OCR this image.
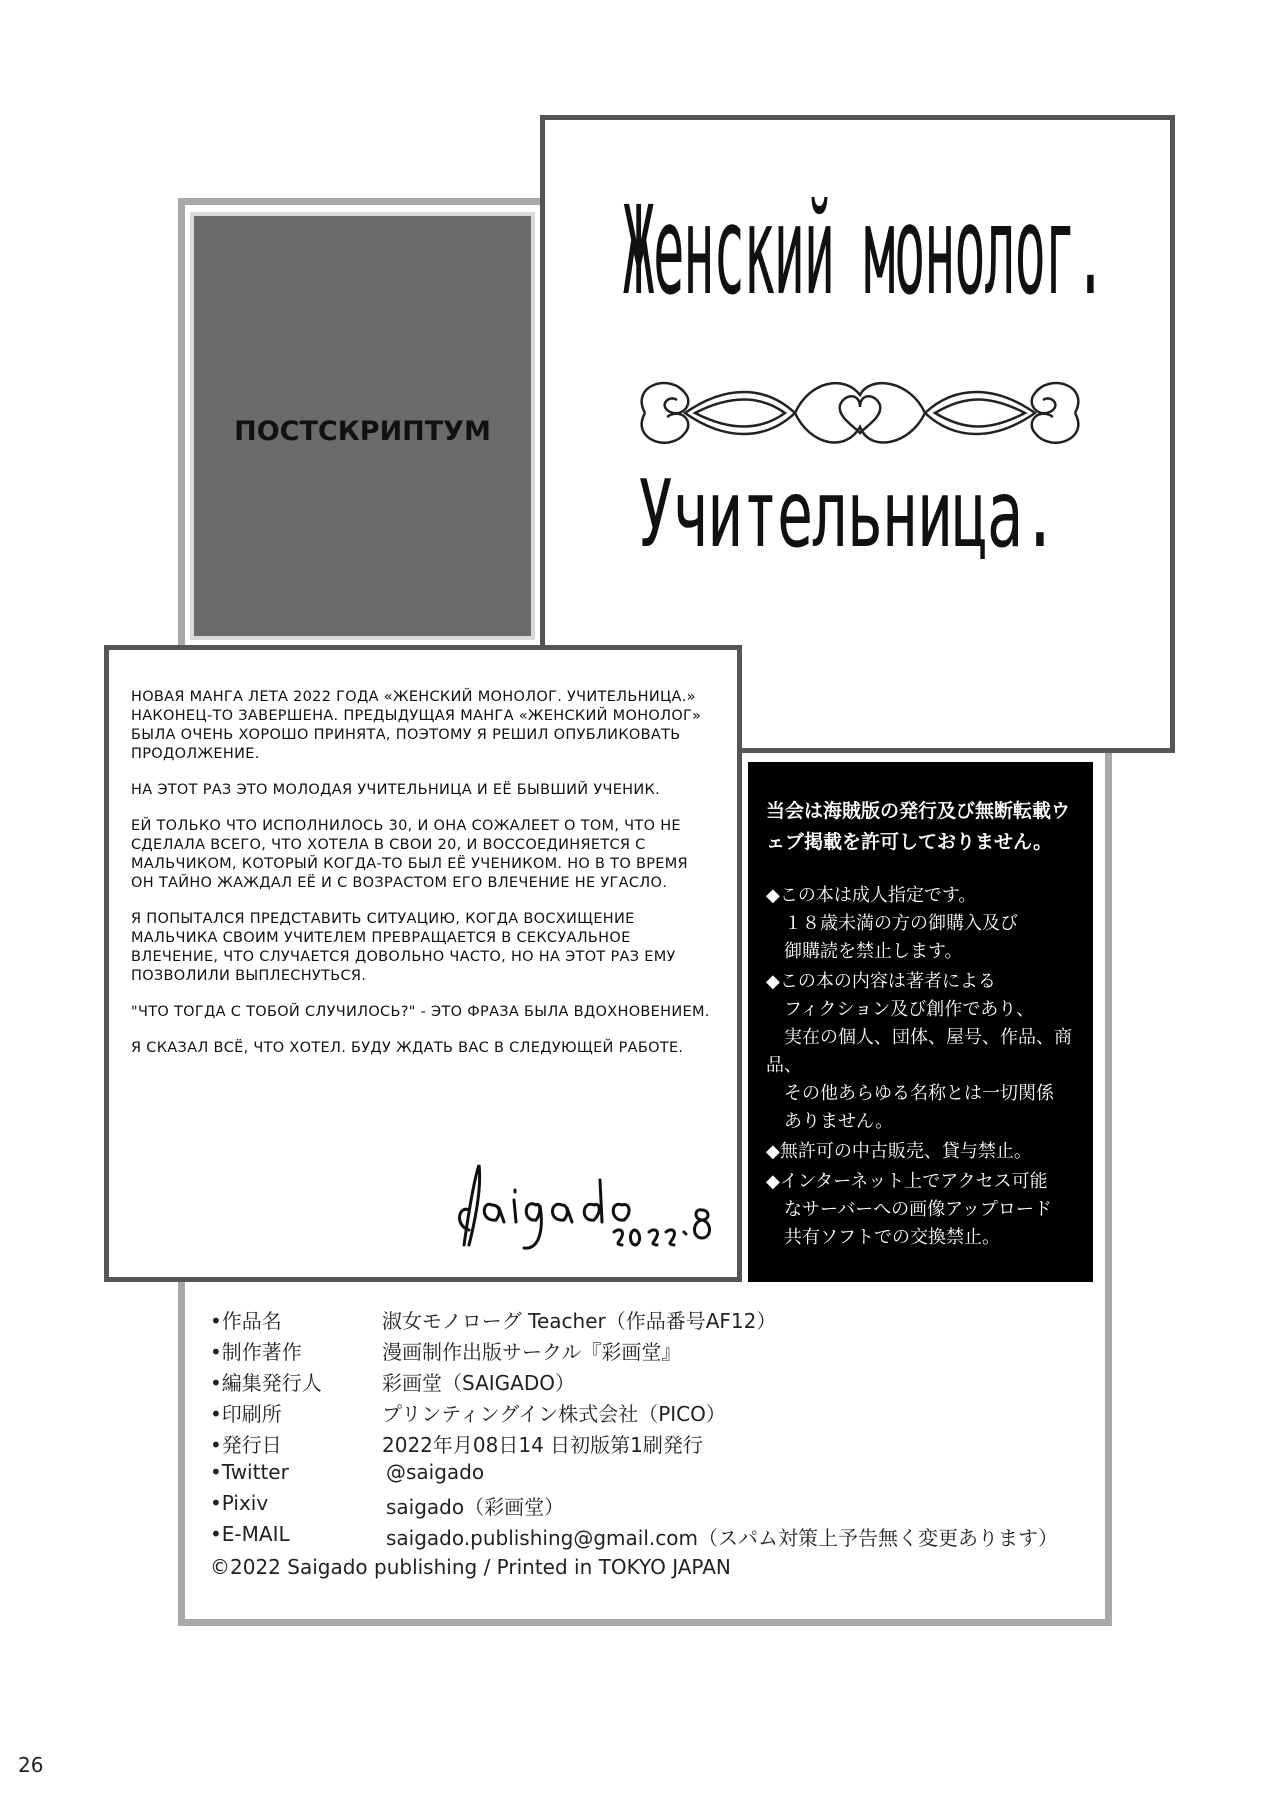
ПОСТСКРИПТУМ
Женский монолог.
Учительница.

НОВАЯ МАНГА ЛЕТА 2022 ГОДА «ЖЕНСКИЙ МОНОЛОГ. УЧИТЕЛЬНИЦА.» НАКОНЕЦ-ТО ЗАВЕРШЕНА. ПРЕДЫДУЩАЯ МАНГА «ЖЕНСКИЙ МОНОЛОГ» БЫЛА ОЧЕНЬ ХОРОШО ПРИНЯТА, ПОЭТОМУ Я РЕШИЛ ОПУБЛИКОВАТЬ ПРОДОЛЖЕНИЕ.

НА ЭТОТ РАЗ ЭТО МОЛОДАЯ УЧИТЕЛЬНИЦА И ЕЁ БЫВШИЙ УЧЕНИК.

ЕЙ ТОЛЬКО ЧТО ИСПОЛНИЛОСЬ 30, И ОНА СОЖАЛЕЕТ О ТОМ, ЧТО НЕ СДЕЛАЛА ВСЕГО, ЧТО ХОТЕЛА В СВОИ 20, И ВОССОЕДИНЯЕТСЯ С МАЛЬЧИКОМ, КОТОРЫЙ КОГДА-ТО БЫЛ ЕЁ УЧЕНИКОМ. НО В ТО ВРЕМЯ ОН ТАЙНО ЖАЖДАЛ ЕЁ И С ВОЗРАСТОМ ЕГО ВЛЕЧЕНИЕ НЕ УГАСЛО.

Я ПОПЫТАЛСЯ ПРЕДСТАВИТЬ СИТУАЦИЮ, КОГДА ВОСХИЩЕНИЕ МАЛЬЧИКА СВОИМ УЧИТЕЛЕМ ПРЕВРАЩАЕТСЯ В СЕКСУАЛЬНОЕ ВЛЕЧЕНИЕ, ЧТО СЛУЧАЕТСЯ ДОВОЛЬНО ЧАСТО, НО НА ЭТОТ РАЗ ЕМУ ПОЗВОЛИЛИ ВЫПЛЕСНУТЬСЯ.

"ЧТО ТОГДА С ТОБОЙ СЛУЧИЛОСЬ?" - ЭТО ФРАЗА БЫЛА ВДОХНОВЕНИЕМ.

Я СКАЗАЛ ВСЁ, ЧТО ХОТЕЛ. БУДУ ЖДАТЬ ВАС В СЛЕДУЮЩЕЙ РАБОТЕ.

当会は海賊版の発行及び無断転載ウェブ掲載を許可しておりません。
◆この本は成人指定です。
　１８歳未満の方の御購入及び
　御購読を禁止します。
◆この本の内容は著者による
　フィクション及び創作であり、
　実在の個人、団体、屋号、作品、商品、
　その他あらゆる名称とは一切関係
　ありません。
◆無許可の中古販売、貸与禁止。
◆インターネット上でアクセス可能
　なサーバーへの画像アップロード
　共有ソフトでの交換禁止。
•作品名	淑女モノローグ Teacher（作品番号AF12）
•制作著作	漫画制作出版サークル『彩画堂』
•編集発行人	彩画堂（SAIGADO）
•印刷所	プリンティングイン株式会社（PICO）
•発行日	2022年月08日14 日初版第1刷発行
•Twitter	@saigado
•Pixiv	saigado（彩画堂）
•E-MAIL	saigado.publishing@gmail.com（スパム対策上予告無く変更あります）
©2022 Saigado publishing / Printed in TOKYO JAPAN
26
